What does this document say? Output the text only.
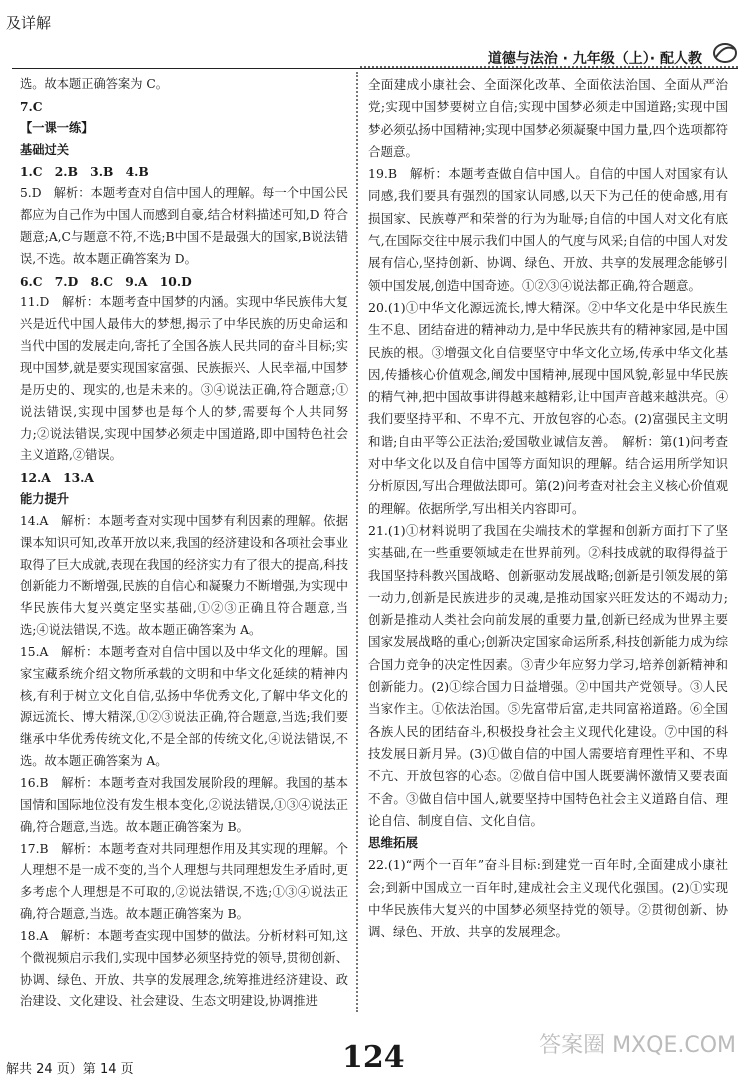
及详解
道德与法治 · 九年级（上）· 配人教

选。故本题正确答案为 C。

7.C

【一课一练】

基础过关

1.C　2.B　3.B　4.B

5.D　解析：本题考查对自信中国人的理解。每一个中国公民都应为自己作为中国人而感到自豪,结合材料描述可知,D 符合题意;A,C与题意不符,不选;B中国不是最强大的国家,B说法错误,不选。故本题正确答案为 D。

6.C　7.D　8.C　9.A　10.D

11.D　解析：本题考查中国梦的内涵。实现中华民族伟大复兴是近代中国人最伟大的梦想,揭示了中华民族的历史命运和当代中国的发展走向,寄托了全国各族人民共同的奋斗目标;实现中国梦,就是要实现国家富强、民族振兴、人民幸福,中国梦是历史的、现实的,也是未来的。③④说法正确,符合题意;①说法错误,实现中国梦也是每个人的梦,需要每个人共同努力;②说法错误,实现中国梦必须走中国道路,即中国特色社会主义道路,②错误。

12.A　13.A

能力提升

14.A　解析：本题考查对实现中国梦有利因素的理解。依据课本知识可知,改革开放以来,我国的经济建设和各项社会事业取得了巨大成就,表现在我国的经济实力有了很大的提高,科技创新能力不断增强,民族的自信心和凝聚力不断增强,为实现中华民族伟大复兴奠定坚实基础,①②③正确且符合题意,当选;④说法错误,不选。故本题正确答案为 A。

15.A　解析：本题考查对自信中国以及中华文化的理解。国家宝藏系统介绍文物所承载的文明和中华文化延续的精神内核,有利于树立文化自信,弘扬中华优秀文化,了解中华文化的源远流长、博大精深,①②③说法正确,符合题意,当选;我们要继承中华优秀传统文化,不是全部的传统文化,④说法错误,不选。故本题正确答案为 A。

16.B　解析：本题考查对我国发展阶段的理解。我国的基本国情和国际地位没有发生根本变化,②说法错误,①③④说法正确,符合题意,当选。故本题正确答案为 B。

17.B　解析：本题考查对共同理想作用及其实现的理解。个人理想不是一成不变的,当个人理想与共同理想发生矛盾时,更多考虑个人理想是不可取的,②说法错误,不选;①③④说法正确,符合题意,当选。故本题正确答案为 B。

18.A　解析：本题考查实现中国梦的做法。分析材料可知,这个微视频启示我们,实现中国梦必须坚持党的领导,贯彻创新、协调、绿色、开放、共享的发展理念,统筹推进经济建设、政治建设、文化建设、社会建设、生态文明建设,协调推进

全面建成小康社会、全面深化改革、全面依法治国、全面从严治党;实现中国梦要树立自信;实现中国梦必须走中国道路;实现中国梦必须弘扬中国精神;实现中国梦必须凝聚中国力量,四个选项都符合题意。

19.B　解析：本题考查做自信中国人。自信的中国人对国家有认同感,我们要具有强烈的国家认同感,以天下为己任的使命感,用有损国家、民族尊严和荣誉的行为为耻辱;自信的中国人对文化有底气,在国际交往中展示我们中国人的气度与风采;自信的中国人对发展有信心,坚持创新、协调、绿色、开放、共享的发展理念能够引领中国发展,创造中国奇迹。①②③④说法都正确,符合题意。

20.(1)①中华文化源远流长,博大精深。②中华文化是中华民族生生不息、团结奋进的精神动力,是中华民族共有的精神家园,是中国民族的根。③增强文化自信要坚守中华文化立场,传承中华文化基因,传播核心价值观念,阐发中国精神,展现中国风貌,彰显中华民族的精气神,把中国故事讲得越来越精彩,让中国声音越来越洪亮。④我们要坚持平和、不卑不亢、开放包容的心态。(2)富强民主文明和谐;自由平等公正法治;爱国敬业诚信友善。　解析：第(1)问考查对中华文化以及自信中国等方面知识的理解。结合运用所学知识分析原因,写出合理做法即可。第(2)问考查对社会主义核心价值观的理解。依据所学,写出相关内容即可。

21.(1)①材料说明了我国在尖端技术的掌握和创新方面打下了坚实基础,在一些重要领域走在世界前列。②科技成就的取得得益于我国坚持科教兴国战略、创新驱动发展战略;创新是引领发展的第一动力,创新是民族进步的灵魂,是推动国家兴旺发达的不竭动力;创新是推动人类社会向前发展的重要力量,创新已经成为世界主要国家发展战略的重心;创新决定国家命运所系,科技创新能力成为综合国力竞争的决定性因素。③青少年应努力学习,培养创新精神和创新能力。(2)①综合国力日益增强。②中国共产党领导。③人民当家作主。①依法治国。⑤先富带后富,走共同富裕道路。⑥全国各族人民的团结奋斗,积极投身社会主义现代化建设。⑦中国的科技发展日新月异。(3)①做自信的中国人需要培育理性平和、不卑不亢、开放包容的心态。②做自信中国人既要满怀激情又要表面不舍。③做自信中国人,就要坚持中国特色社会主义道路自信、理论自信、制度自信、文化自信。

思维拓展

22.(1)“两个一百年”奋斗目标:到建党一百年时,全面建成小康社会;到新中国成立一百年时,建成社会主义现代化强国。(2)①实现中华民族伟大复兴的中国梦必须坚持党的领导。②贯彻创新、协调、绿色、开放、共享的发展理念。

解共 24 页）第 14 页	124	答案圈 MXQE.COM
